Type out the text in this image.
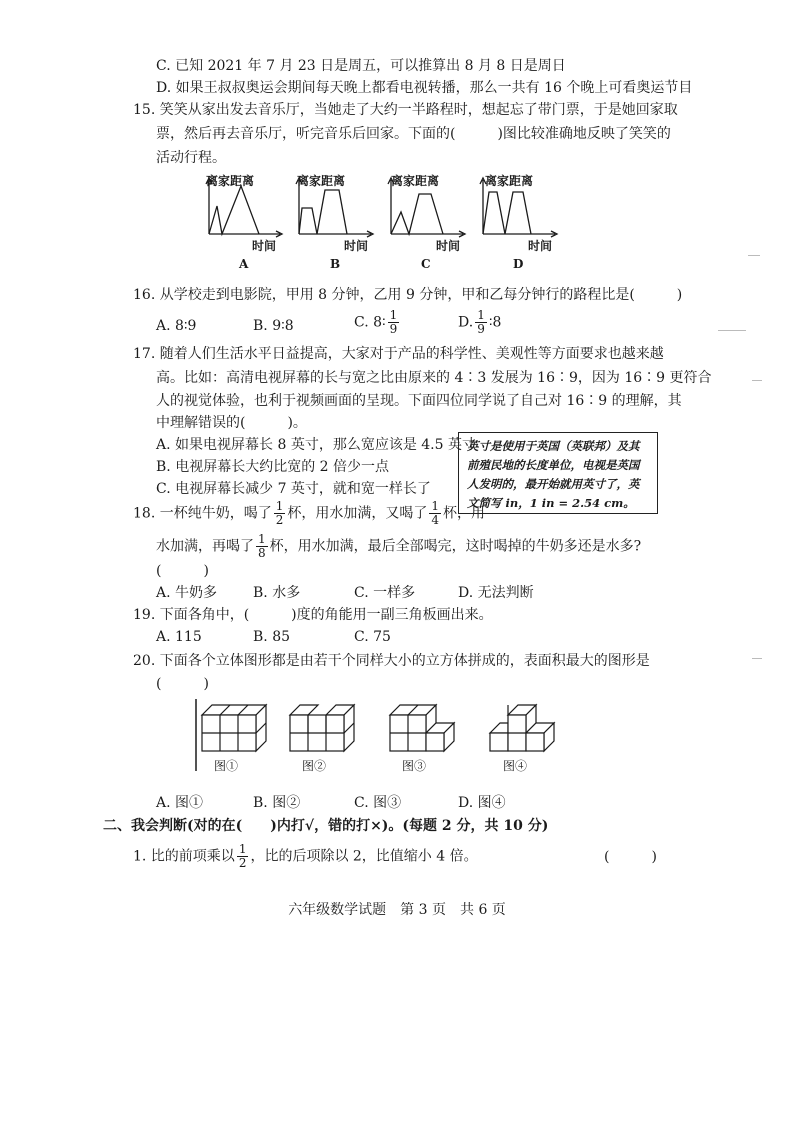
C. 已知 2021 年 7 月 23 日是周五，可以推算出 8 月 8 日是周日
D. 如果王叔叔奥运会期间每天晚上都看电视转播，那么一共有 16 个晚上可看奥运节目
15. 笑笑从家出发去音乐厅，当她走了大约一半路程时，想起忘了带门票，于是她回家取
票，然后再去音乐厅，听完音乐后回家。下面的(　　　)图比较准确地反映了笑笑的
活动行程。
离家距离	离家距离	离家距离	离家距离
时间	时间	时间	时间
A	B	C	D
16. 从学校走到电影院，甲用 8 分钟，乙用 9 分钟，甲和乙每分钟行的路程比是(　　　)
A. 8∶9	B. 9∶8	C. 8∶ $\frac{1}{9}$	D. $\frac{1}{9}$ ∶8
17. 随着人们生活水平日益提高，大家对于产品的科学性、美观性等方面要求也越来越
高。比如：高清电视屏幕的长与宽之比由原来的 4∶3 发展为 16∶9，因为 16∶9 更符合
人的视觉体验，也利于视频画面的呈现。下面四位同学说了自己对 16∶9 的理解，其
中理解错误的(　　　)。
A. 如果电视屏幕长 8 英寸，那么宽应该是 4.5 英寸
B. 电视屏幕长大约比宽的 2 倍少一点
C. 电视屏幕长减少 7 英寸，就和宽一样长了
英寸是使用于英国（英联邦）及其前殖民地的长度单位，电视是英国人发明的，最开始就用英寸了，英文简写 in，1 in = 2.54 cm。
18. 一杯纯牛奶，喝了 $\frac{1}{2}$ 杯，用水加满，又喝了 $\frac{1}{4}$ 杯，用
水加满，再喝了 $\frac{1}{8}$ 杯，用水加满，最后全部喝完，这时喝掉的牛奶多还是水多?
(　　　)
A. 牛奶多	B. 水多	C. 一样多	D. 无法判断
19. 下面各角中，(　　　)度的角能用一副三角板画出来。
A. 115	B. 85	C. 75
20. 下面各个立体图形都是由若干个同样大小的立方体拼成的，表面积最大的图形是
(　　　)
图①	图②	图③	图④
A. 图①	B. 图②	C. 图③	D. 图④
二、我会判断(对的在(　　)内打√，错的打×)。(每题 2 分，共 10 分)
1. 比的前项乘以 $\frac{1}{2}$ ，比的后项除以 2，比值缩小 4 倍。	(　　　)
六年级数学试题　第 3 页　共 6 页
